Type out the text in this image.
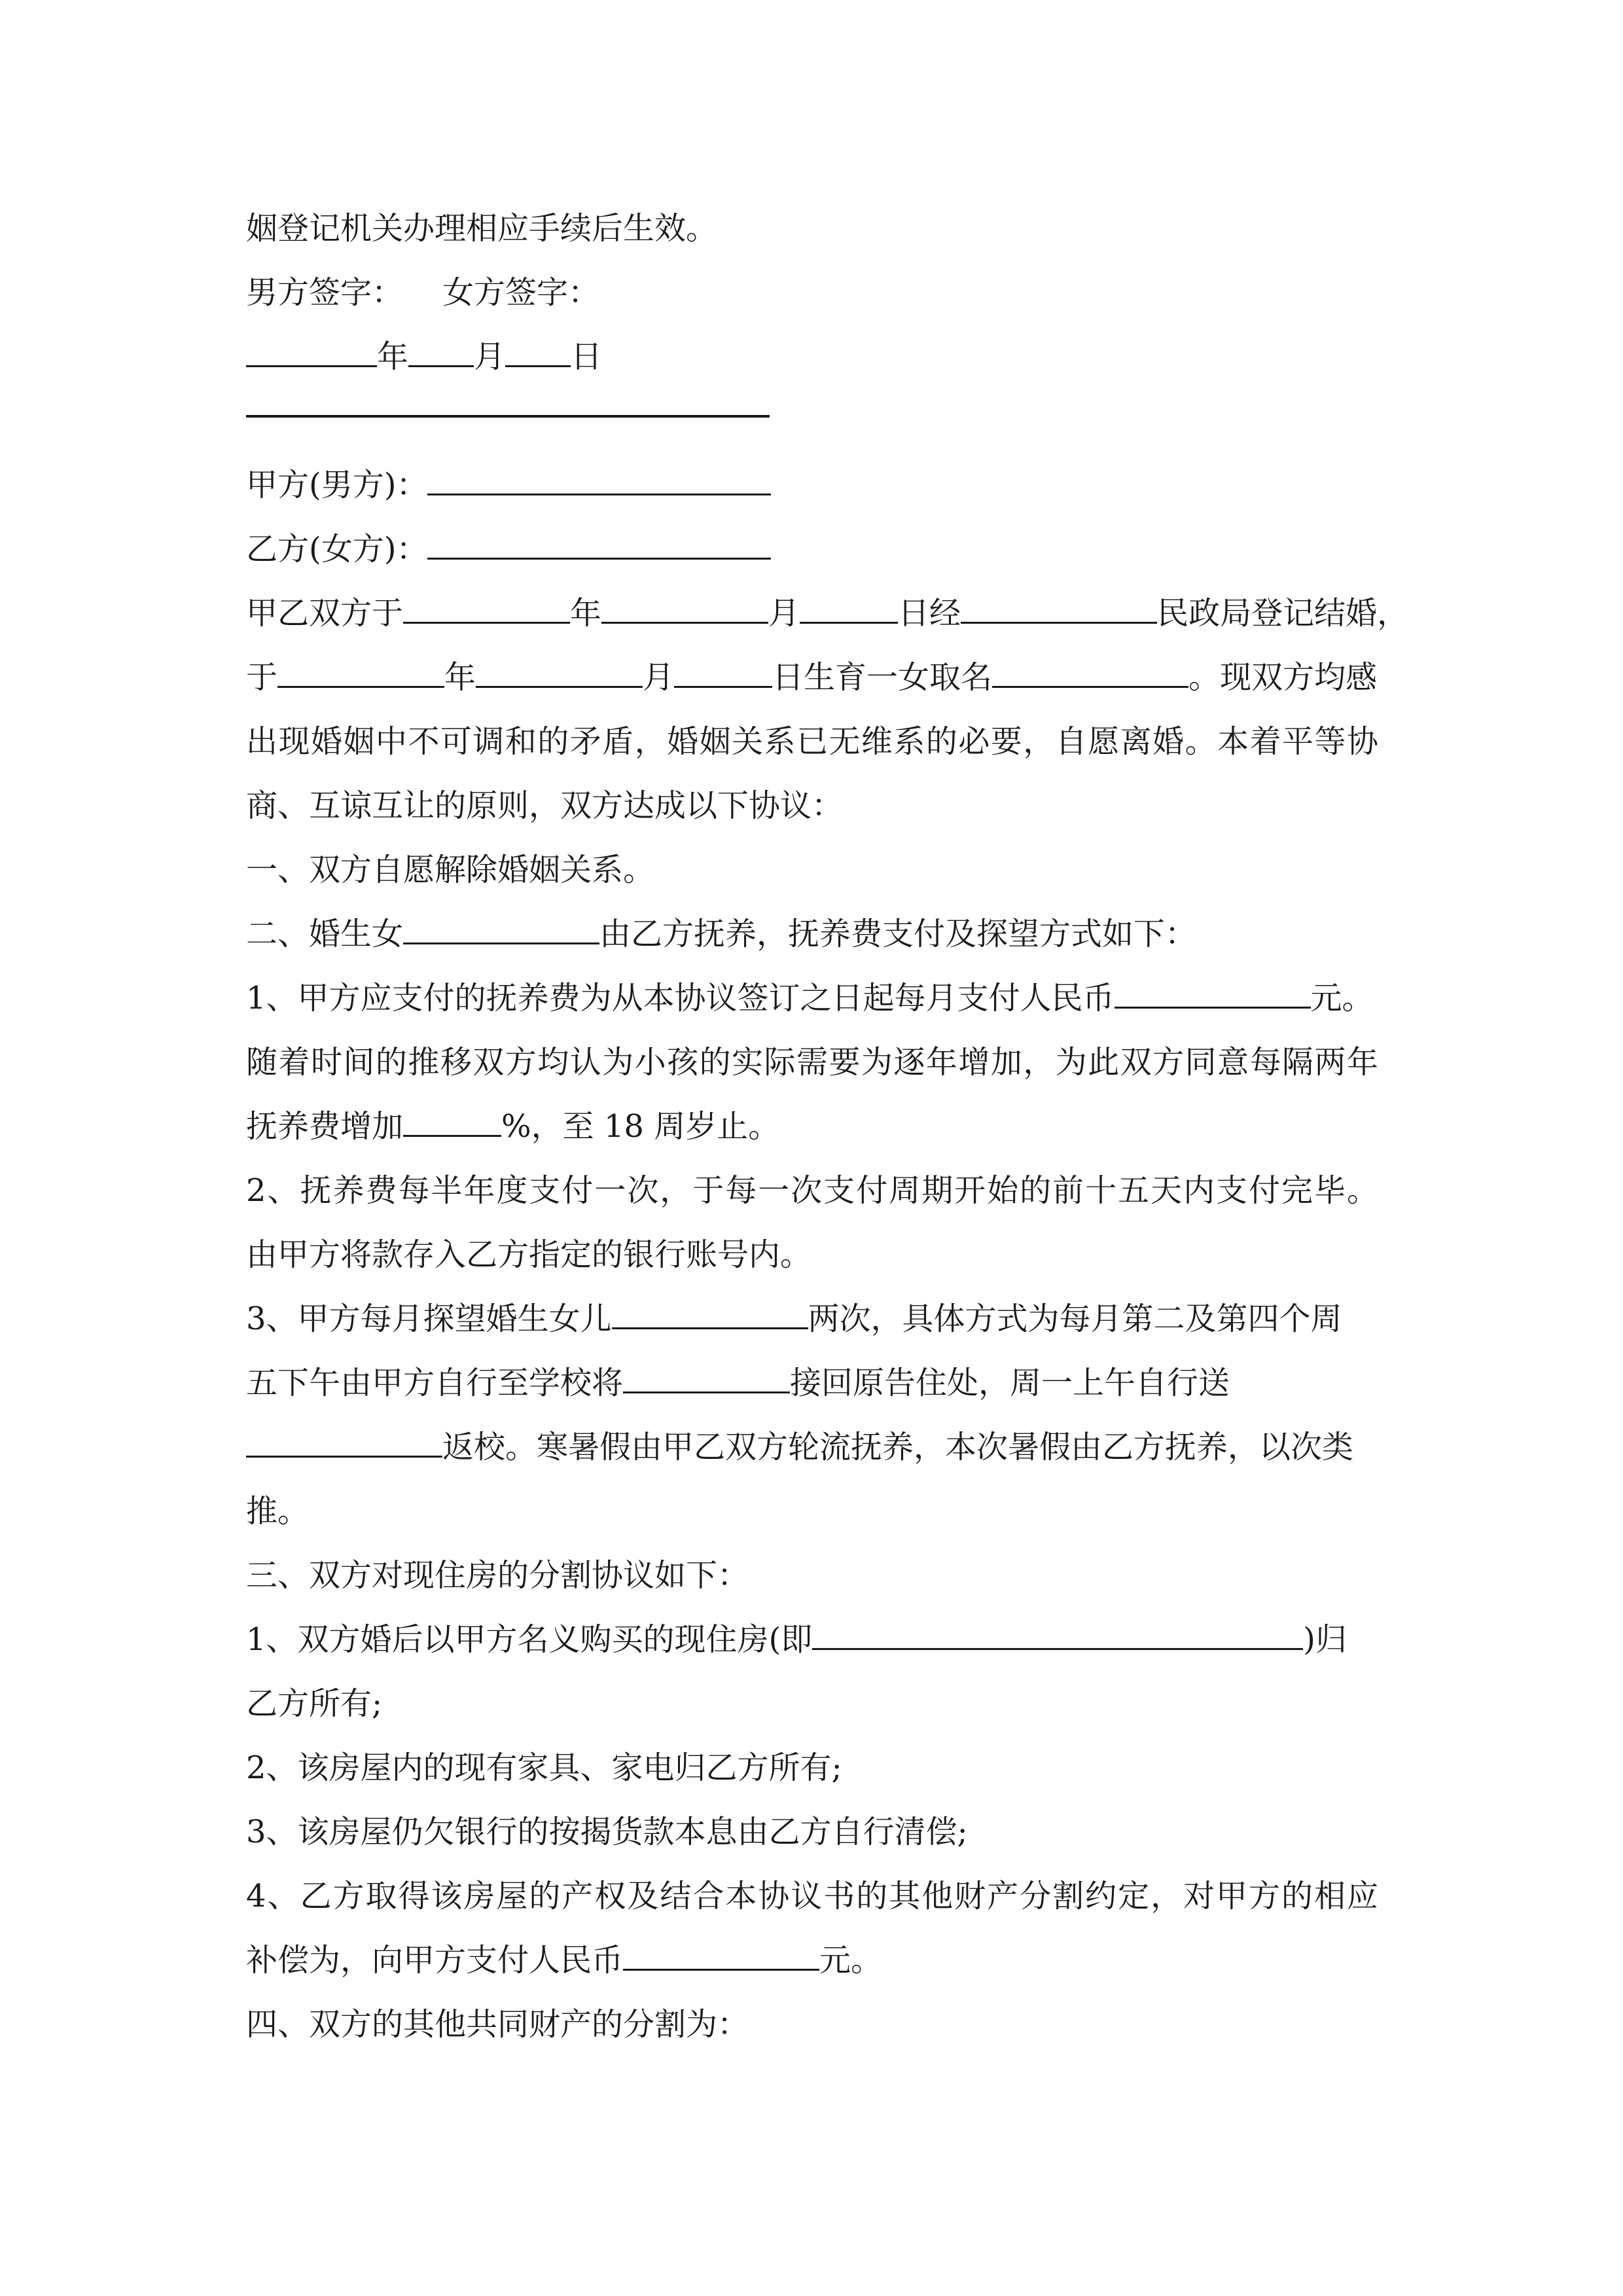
姻登记机关办理相应手续后生效。
男方签字： 女方签字：
年 月 日
甲方(男方)：
乙方(女方)：
甲乙双方于	年	月	日经	民政局登记结婚，
于	年	月	日生育一女取名	。现双方均感
出现婚姻中不可调和的矛盾，婚姻关系已无维系的必要，自愿离婚。本着平等协
商、互谅互让的原则，双方达成以下协议：
一、双方自愿解除婚姻关系。
二、婚生女	由乙方抚养，抚养费支付及探望方式如下：
1、甲方应支付的抚养费为从本协议签订之日起每月支付人民币	元。
随着时间的推移双方均认为小孩的实际需要为逐年增加，为此双方同意每隔两年
抚养费增加	%，至 18 周岁止。
2、抚养费每半年度支付一次，于每一次支付周期开始的前十五天内支付完毕。
由甲方将款存入乙方指定的银行账号内。
3、甲方每月探望婚生女儿	两次，具体方式为每月第二及第四个周
五下午由甲方自行至学校将	接回原告住处，周一上午自行送
返校。寒暑假由甲乙双方轮流抚养，本次暑假由乙方抚养，以次类
推。
三、双方对现住房的分割协议如下：
1、双方婚后以甲方名义购买的现住房(即	)归
乙方所有;
2、该房屋内的现有家具、家电归乙方所有;
3、该房屋仍欠银行的按揭货款本息由乙方自行清偿;
4、乙方取得该房屋的产权及结合本协议书的其他财产分割约定，对甲方的相应
补偿为，向甲方支付人民币	元。
四、双方的其他共同财产的分割为：
